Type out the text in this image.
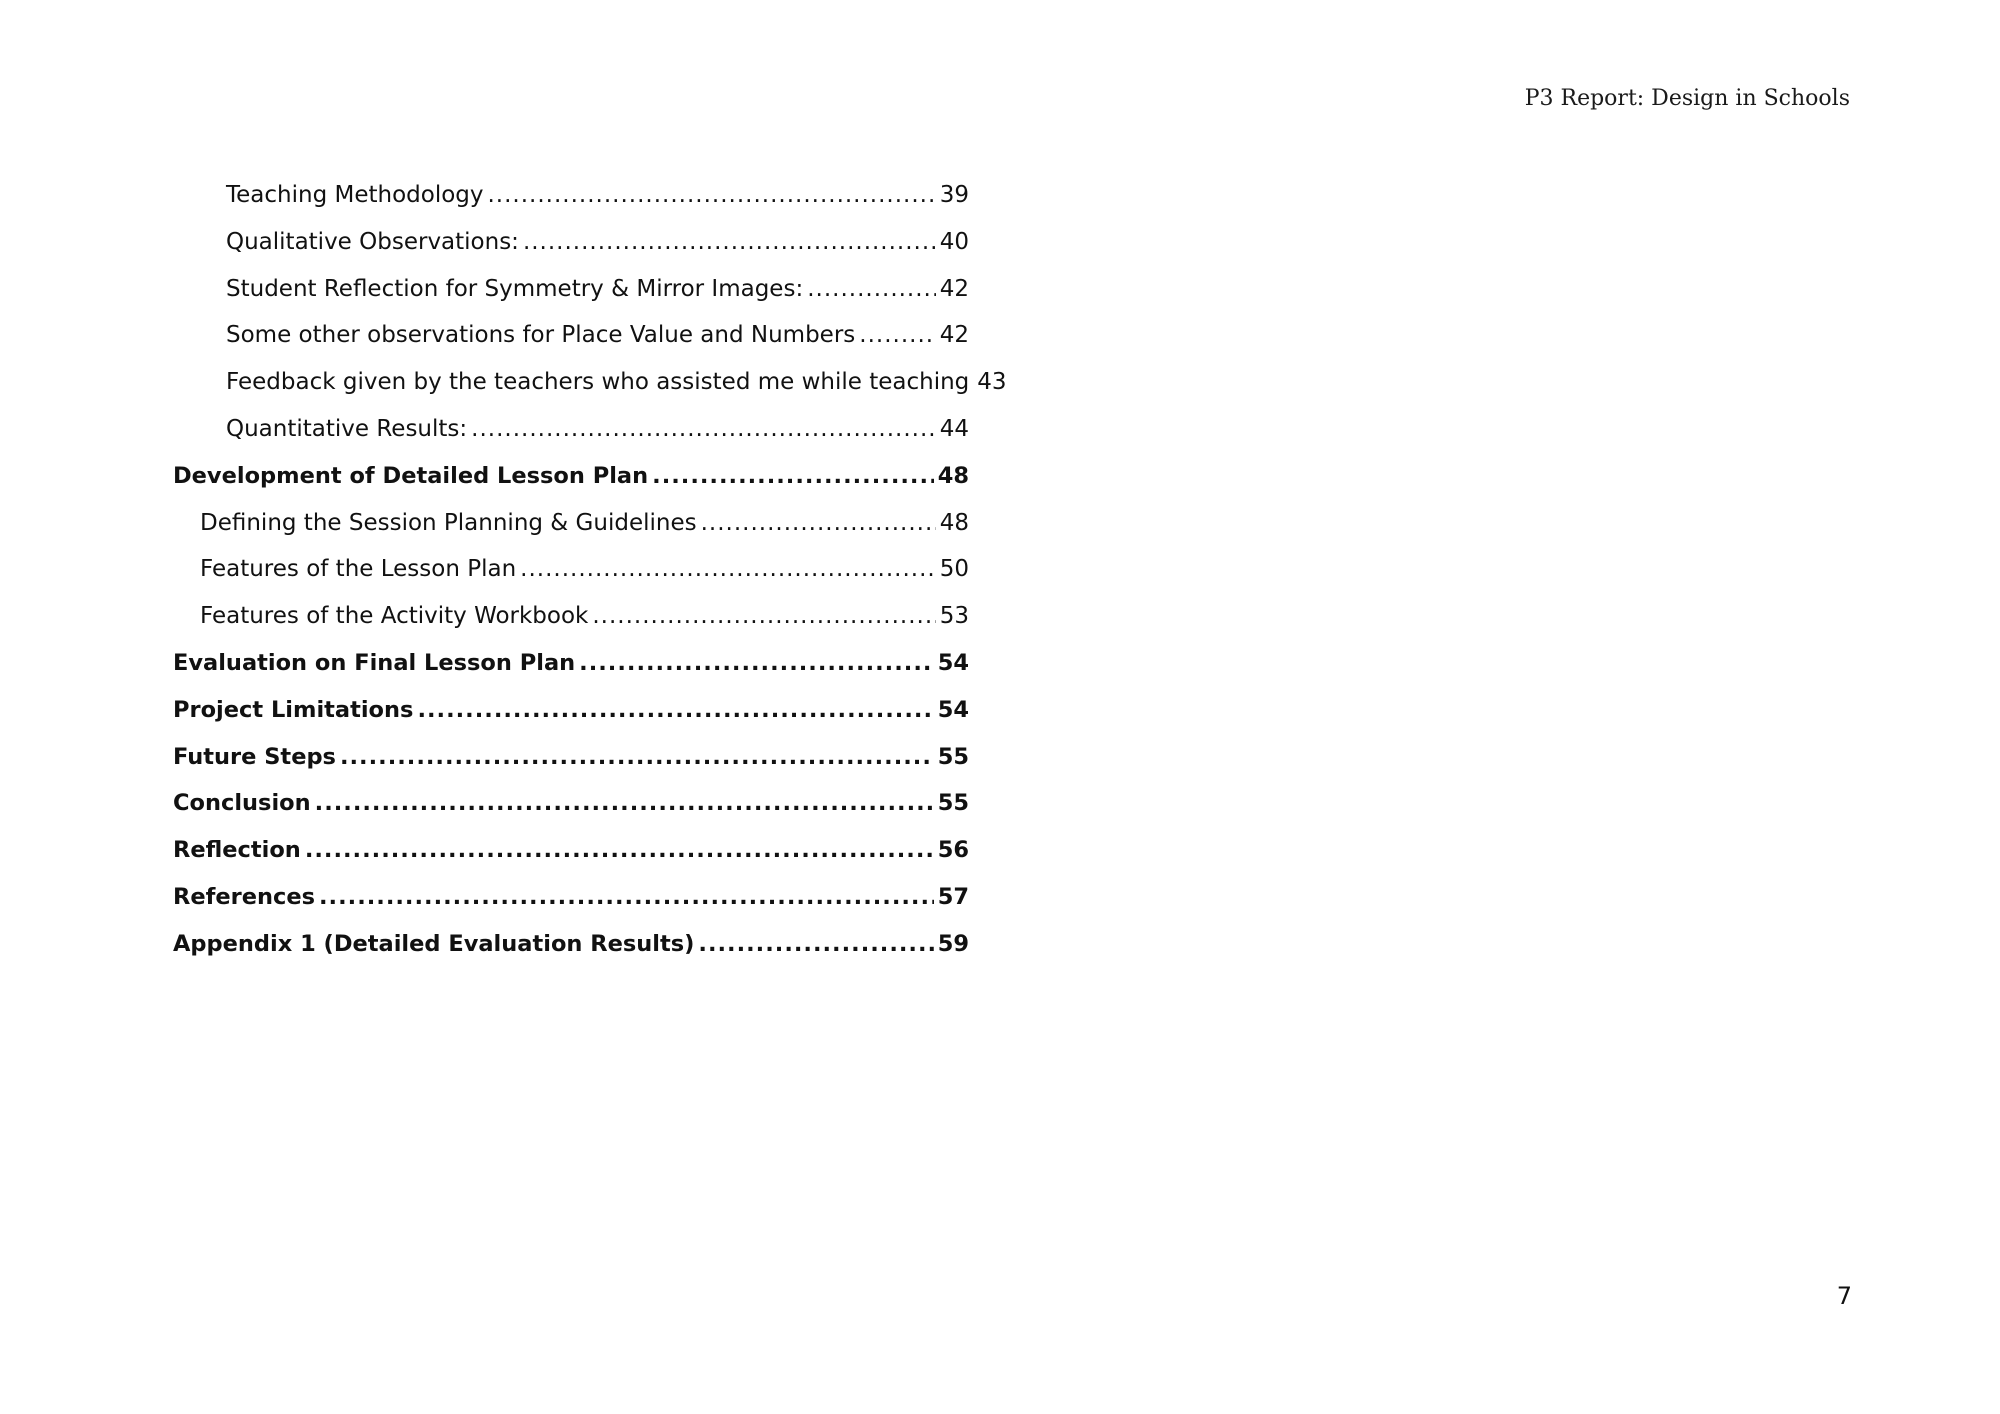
P3 Report: Design in Schools
Teaching Methodology .....	39
Qualitative Observations: .....	40
Student Reflection for Symmetry & Mirror Images: .....	42
Some other observations for Place Value and Numbers .....	42
Feedback given by the teachers who assisted me while teaching 43
Quantitative Results: .....	44
Development of Detailed Lesson Plan .....	48
Defining the Session Planning & Guidelines .....	48
Features of the Lesson Plan .....	50
Features of the Activity Workbook .....	53
Evaluation on Final Lesson Plan .....	54
Project Limitations .....	54
Future Steps .....	55
Conclusion .....	55
Reflection .....	56
References .....	57
Appendix 1 (Detailed Evaluation Results) .....	59
7
